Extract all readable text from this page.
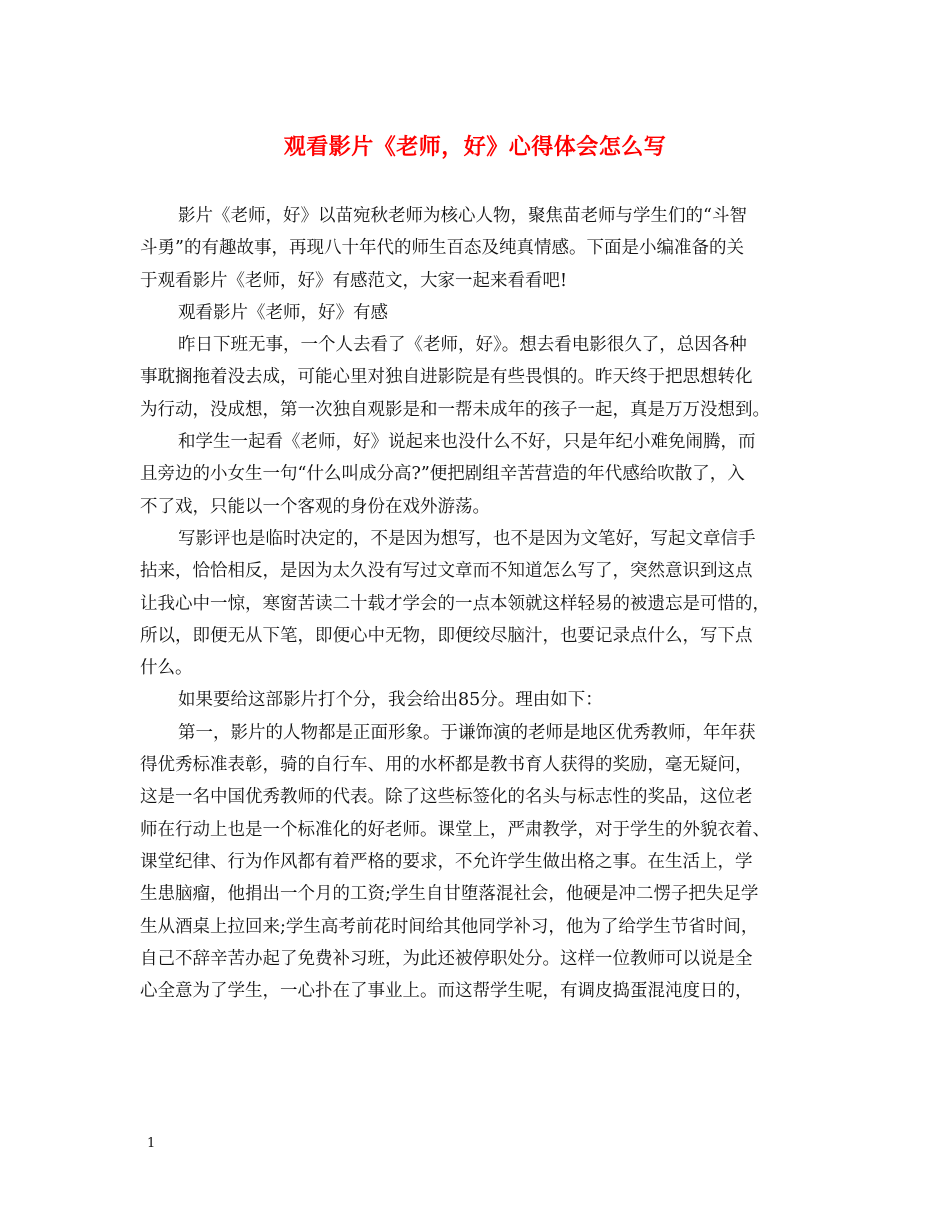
观看影片《老师，好》心得体会怎么写
影片《老师，好》以苗宛秋老师为核心人物，聚焦苗老师与学生们的“斗智
斗勇”的有趣故事，再现八十年代的师生百态及纯真情感。下面是小编准备的关
于观看影片《老师，好》有感范文，大家一起来看看吧!
观看影片《老师，好》有感
昨日下班无事，一个人去看了《老师，好》。想去看电影很久了，总因各种
事耽搁拖着没去成，可能心里对独自进影院是有些畏惧的。昨天终于把思想转化
为行动，没成想，第一次独自观影是和一帮未成年的孩子一起，真是万万没想到。
和学生一起看《老师，好》说起来也没什么不好，只是年纪小难免闹腾，而
且旁边的小女生一句“什么叫成分高?”便把剧组辛苦营造的年代感给吹散了，入
不了戏，只能以一个客观的身份在戏外游荡。
写影评也是临时决定的，不是因为想写，也不是因为文笔好，写起文章信手
拈来，恰恰相反，是因为太久没有写过文章而不知道怎么写了，突然意识到这点
让我心中一惊，寒窗苦读二十载才学会的一点本领就这样轻易的被遗忘是可惜的，
所以，即便无从下笔，即便心中无物，即便绞尽脑汁，也要记录点什么，写下点
什么。
如果要给这部影片打个分，我会给出85分。理由如下：
第一，影片的人物都是正面形象。于谦饰演的老师是地区优秀教师，年年获
得优秀标准表彰，骑的自行车、用的水杯都是教书育人获得的奖励，毫无疑问，
这是一名中国优秀教师的代表。除了这些标签化的名头与标志性的奖品，这位老
师在行动上也是一个标准化的好老师。课堂上，严肃教学，对于学生的外貌衣着、
课堂纪律、行为作风都有着严格的要求，不允许学生做出格之事。在生活上，学
生患脑瘤，他捐出一个月的工资;学生自甘堕落混社会，他硬是冲二愣子把失足学
生从酒桌上拉回来;学生高考前花时间给其他同学补习，他为了给学生节省时间，
自己不辞辛苦办起了免费补习班，为此还被停职处分。这样一位教师可以说是全
心全意为了学生，一心扑在了事业上。而这帮学生呢，有调皮捣蛋混沌度日的，
1
